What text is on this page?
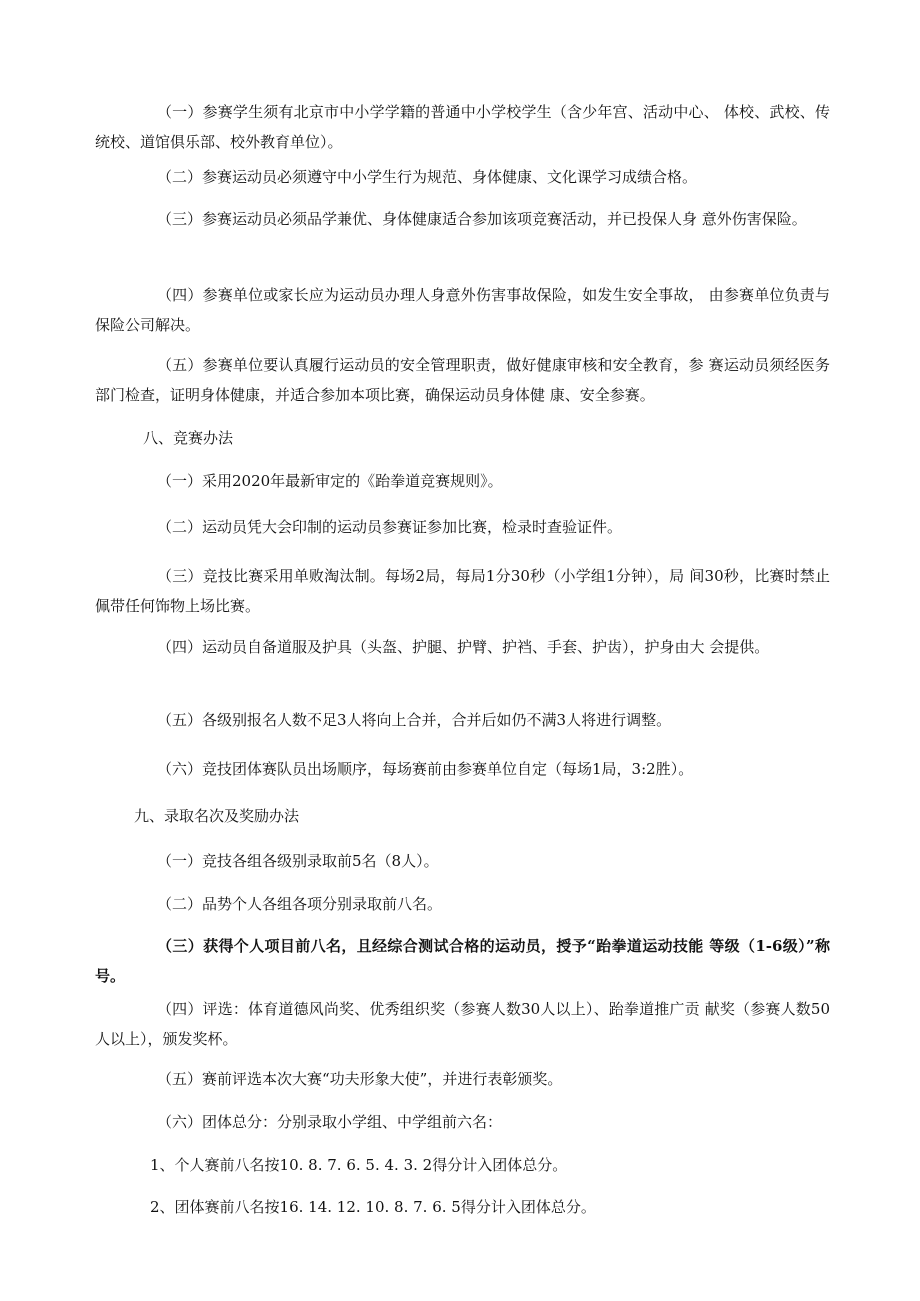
（一）参赛学生须有北京市中小学学籍的普通中小学校学生（含少年宫、活动中心、 体校、武校、传统校、道馆俱乐部、校外教育单位）。

（二）参赛运动员必须遵守中小学生行为规范、身体健康、文化课学习成绩合格。

（三）参赛运动员必须品学兼优、身体健康适合参加该项竞赛活动，并已投保人身 意外伤害保险。

（四）参赛单位或家长应为运动员办理人身意外伤害事故保险，如发生安全事故， 由参赛单位负责与保险公司解决。

（五）参赛单位要认真履行运动员的安全管理职责，做好健康审核和安全教育，参 赛运动员须经医务部门检查，证明身体健康，并适合参加本项比赛，确保运动员身体健 康、安全参赛。

八、竞赛办法

（一）采用2020年最新审定的《跆拳道竞赛规则》。

（二）运动员凭大会印制的运动员参赛证参加比赛，检录时查验证件。

（三）竞技比赛采用单败淘汰制。每场2局，每局1分30秒（小学组1分钟），局 间30秒，比赛时禁止佩带任何饰物上场比赛。

（四）运动员自备道服及护具（头盔、护腿、护臂、护裆、手套、护齿），护身由大 会提供。

（五）各级别报名人数不足3人将向上合并，合并后如仍不满3人将进行调整。

（六）竞技团体赛队员出场顺序，每场赛前由参赛单位自定（每场1局，3:2胜）。

九、录取名次及奖励办法

（一）竞技各组各级别录取前5名（8人）。

（二）品势个人各组各项分别录取前八名。

（三）获得个人项目前八名，且经综合测试合格的运动员，授予“跆拳道运动技能 等级（1-6级）”称号。

（四）评选：体育道德风尚奖、优秀组织奖（参赛人数30人以上）、跆拳道推广贡 献奖（参赛人数50人以上），颁发奖杯。

（五）赛前评选本次大赛“功夫形象大使”，并进行表彰颁奖。

（六）团体总分：分别录取小学组、中学组前六名：

1、个人赛前八名按10. 8. 7. 6. 5. 4. 3. 2得分计入团体总分。

2、团体赛前八名按16. 14. 12. 10. 8. 7. 6. 5得分计入团体总分。
